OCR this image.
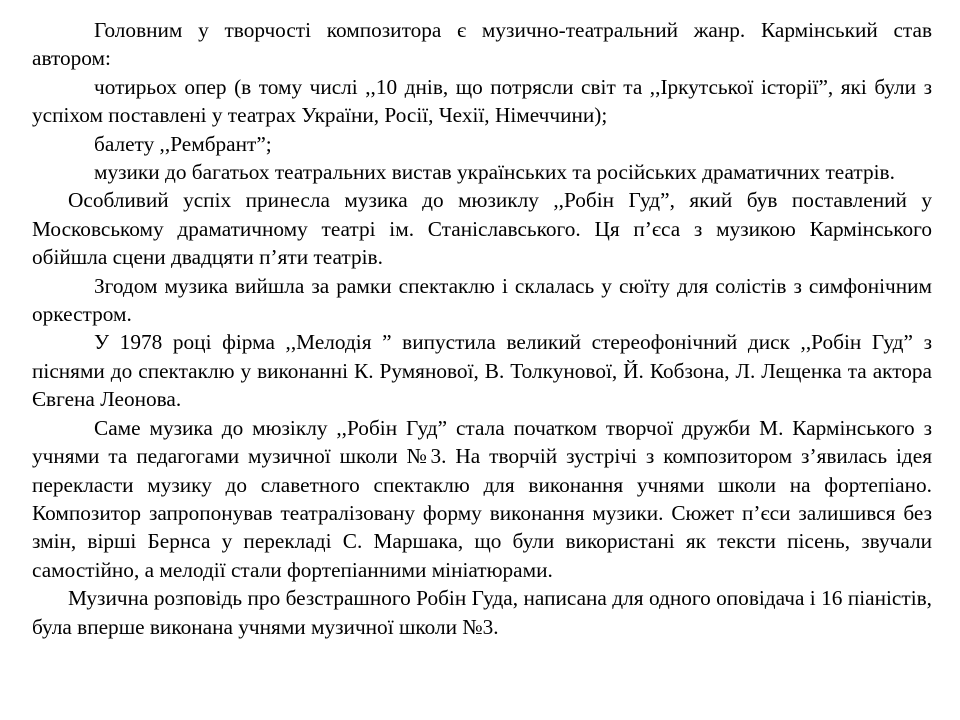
Головним у творчості композитора є музично-театральний жанр. Кармінський став автором:

чотирьох опер (в тому числі ,,10 днів, що потрясли світ та ,,Іркутської історії”, які були з успіхом поставлені у театрах України, Росії, Чехії, Німеччини);

балету ,,Рембрант”;

музики до багатьох театральних вистав українських та російських драматичних театрів.

Особливий успіх принесла музика до мюзиклу ,,Робін Гуд”, який був поставлений у Московському драматичному театрі ім. Станіславського. Ця п’єса з музикою Кармінського обійшла сцени двадцяти п’яти театрів.

Згодом музика вийшла за рамки спектаклю і склалась у сюїту для солістів з симфонічним оркестром.

У 1978 році фірма ,,Мелодія ” випустила великий стереофонічний диск ,,Робін Гуд” з піснями до спектаклю у виконанні К. Румянової, В. Толкунової, Й. Кобзона, Л. Лещенка та актора Євгена Леонова.

Саме музика до мюзіклу ,,Робін Гуд” стала початком творчої дружби М. Кармінського з учнями та педагогами музичної школи №3. На творчій зустрічі з композитором з’явилась ідея перекласти музику до славетного спектаклю для виконання учнями школи на фортепіано. Композитор запропонував театралізовану форму виконання музики. Сюжет п’єси залишився без змін, вірші Бернса у перекладі С. Маршака, що були використані як тексти пісень, звучали самостійно, а мелодії стали фортепіанними мініатюрами.

Музична розповідь про безстрашного Робін Гуда, написана для одного оповідача і 16 піаністів, була вперше виконана учнями музичної школи №3.
